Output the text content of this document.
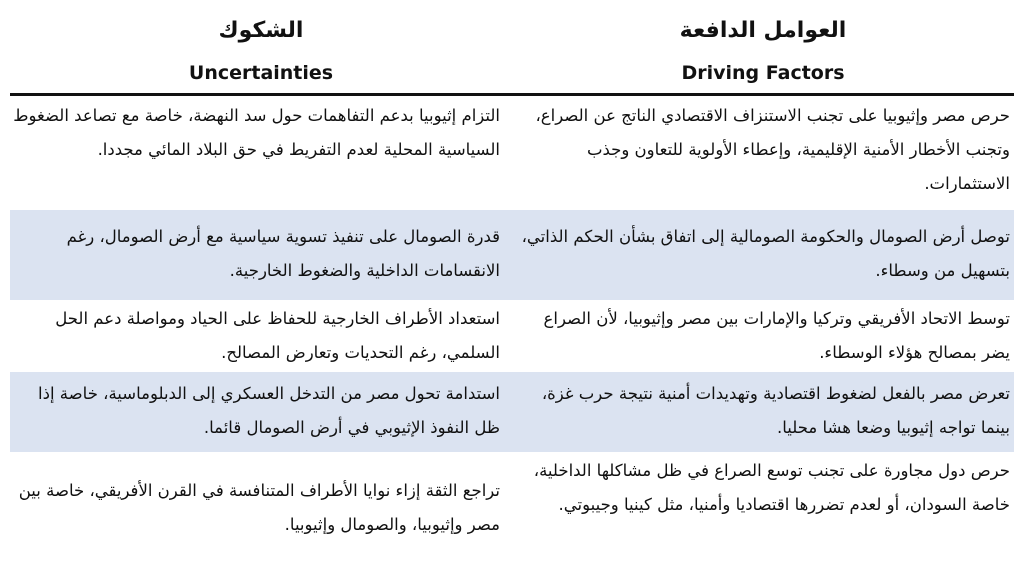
الشكوك
Uncertainties
العوامل الدافعة
Driving Factors

التزام إثيوبيا بدعم التفاهمات حول سد النهضة، خاصة مع تصاعد الضغوط السياسية المحلية لعدم التفريط في حق البلاد المائي مجددا.

حرص مصر وإثيوبيا على تجنب الاستنزاف الاقتصادي الناتج عن الصراع، وتجنب الأخطار الأمنية الإقليمية، وإعطاء الأولوية للتعاون وجذب الاستثمارات.

قدرة الصومال على تنفيذ تسوية سياسية مع أرض الصومال، رغم الانقسامات الداخلية والضغوط الخارجية.

توصل أرض الصومال والحكومة الصومالية إلى اتفاق بشأن الحكم الذاتي، بتسهيل من وسطاء.

استعداد الأطراف الخارجية للحفاظ على الحياد ومواصلة دعم الحل السلمي، رغم التحديات وتعارض المصالح.

توسط الاتحاد الأفريقي وتركيا والإمارات بين مصر وإثيوبيا، لأن الصراع يضر بمصالح هؤلاء الوسطاء.

استدامة تحول مصر من التدخل العسكري إلى الدبلوماسية، خاصة إذا ظل النفوذ الإثيوبي في أرض الصومال قائما.

تعرض مصر بالفعل لضغوط اقتصادية وتهديدات أمنية نتيجة حرب غزة، بينما تواجه إثيوبيا وضعا هشا محليا.

تراجع الثقة إزاء نوايا الأطراف المتنافسة في القرن الأفريقي، خاصة بين مصر وإثيوبيا، والصومال وإثيوبيا.

حرص دول مجاورة على تجنب توسع الصراع في ظل مشاكلها الداخلية، خاصة السودان، أو لعدم تضررها اقتصاديا وأمنيا، مثل كينيا وجيبوتي.
